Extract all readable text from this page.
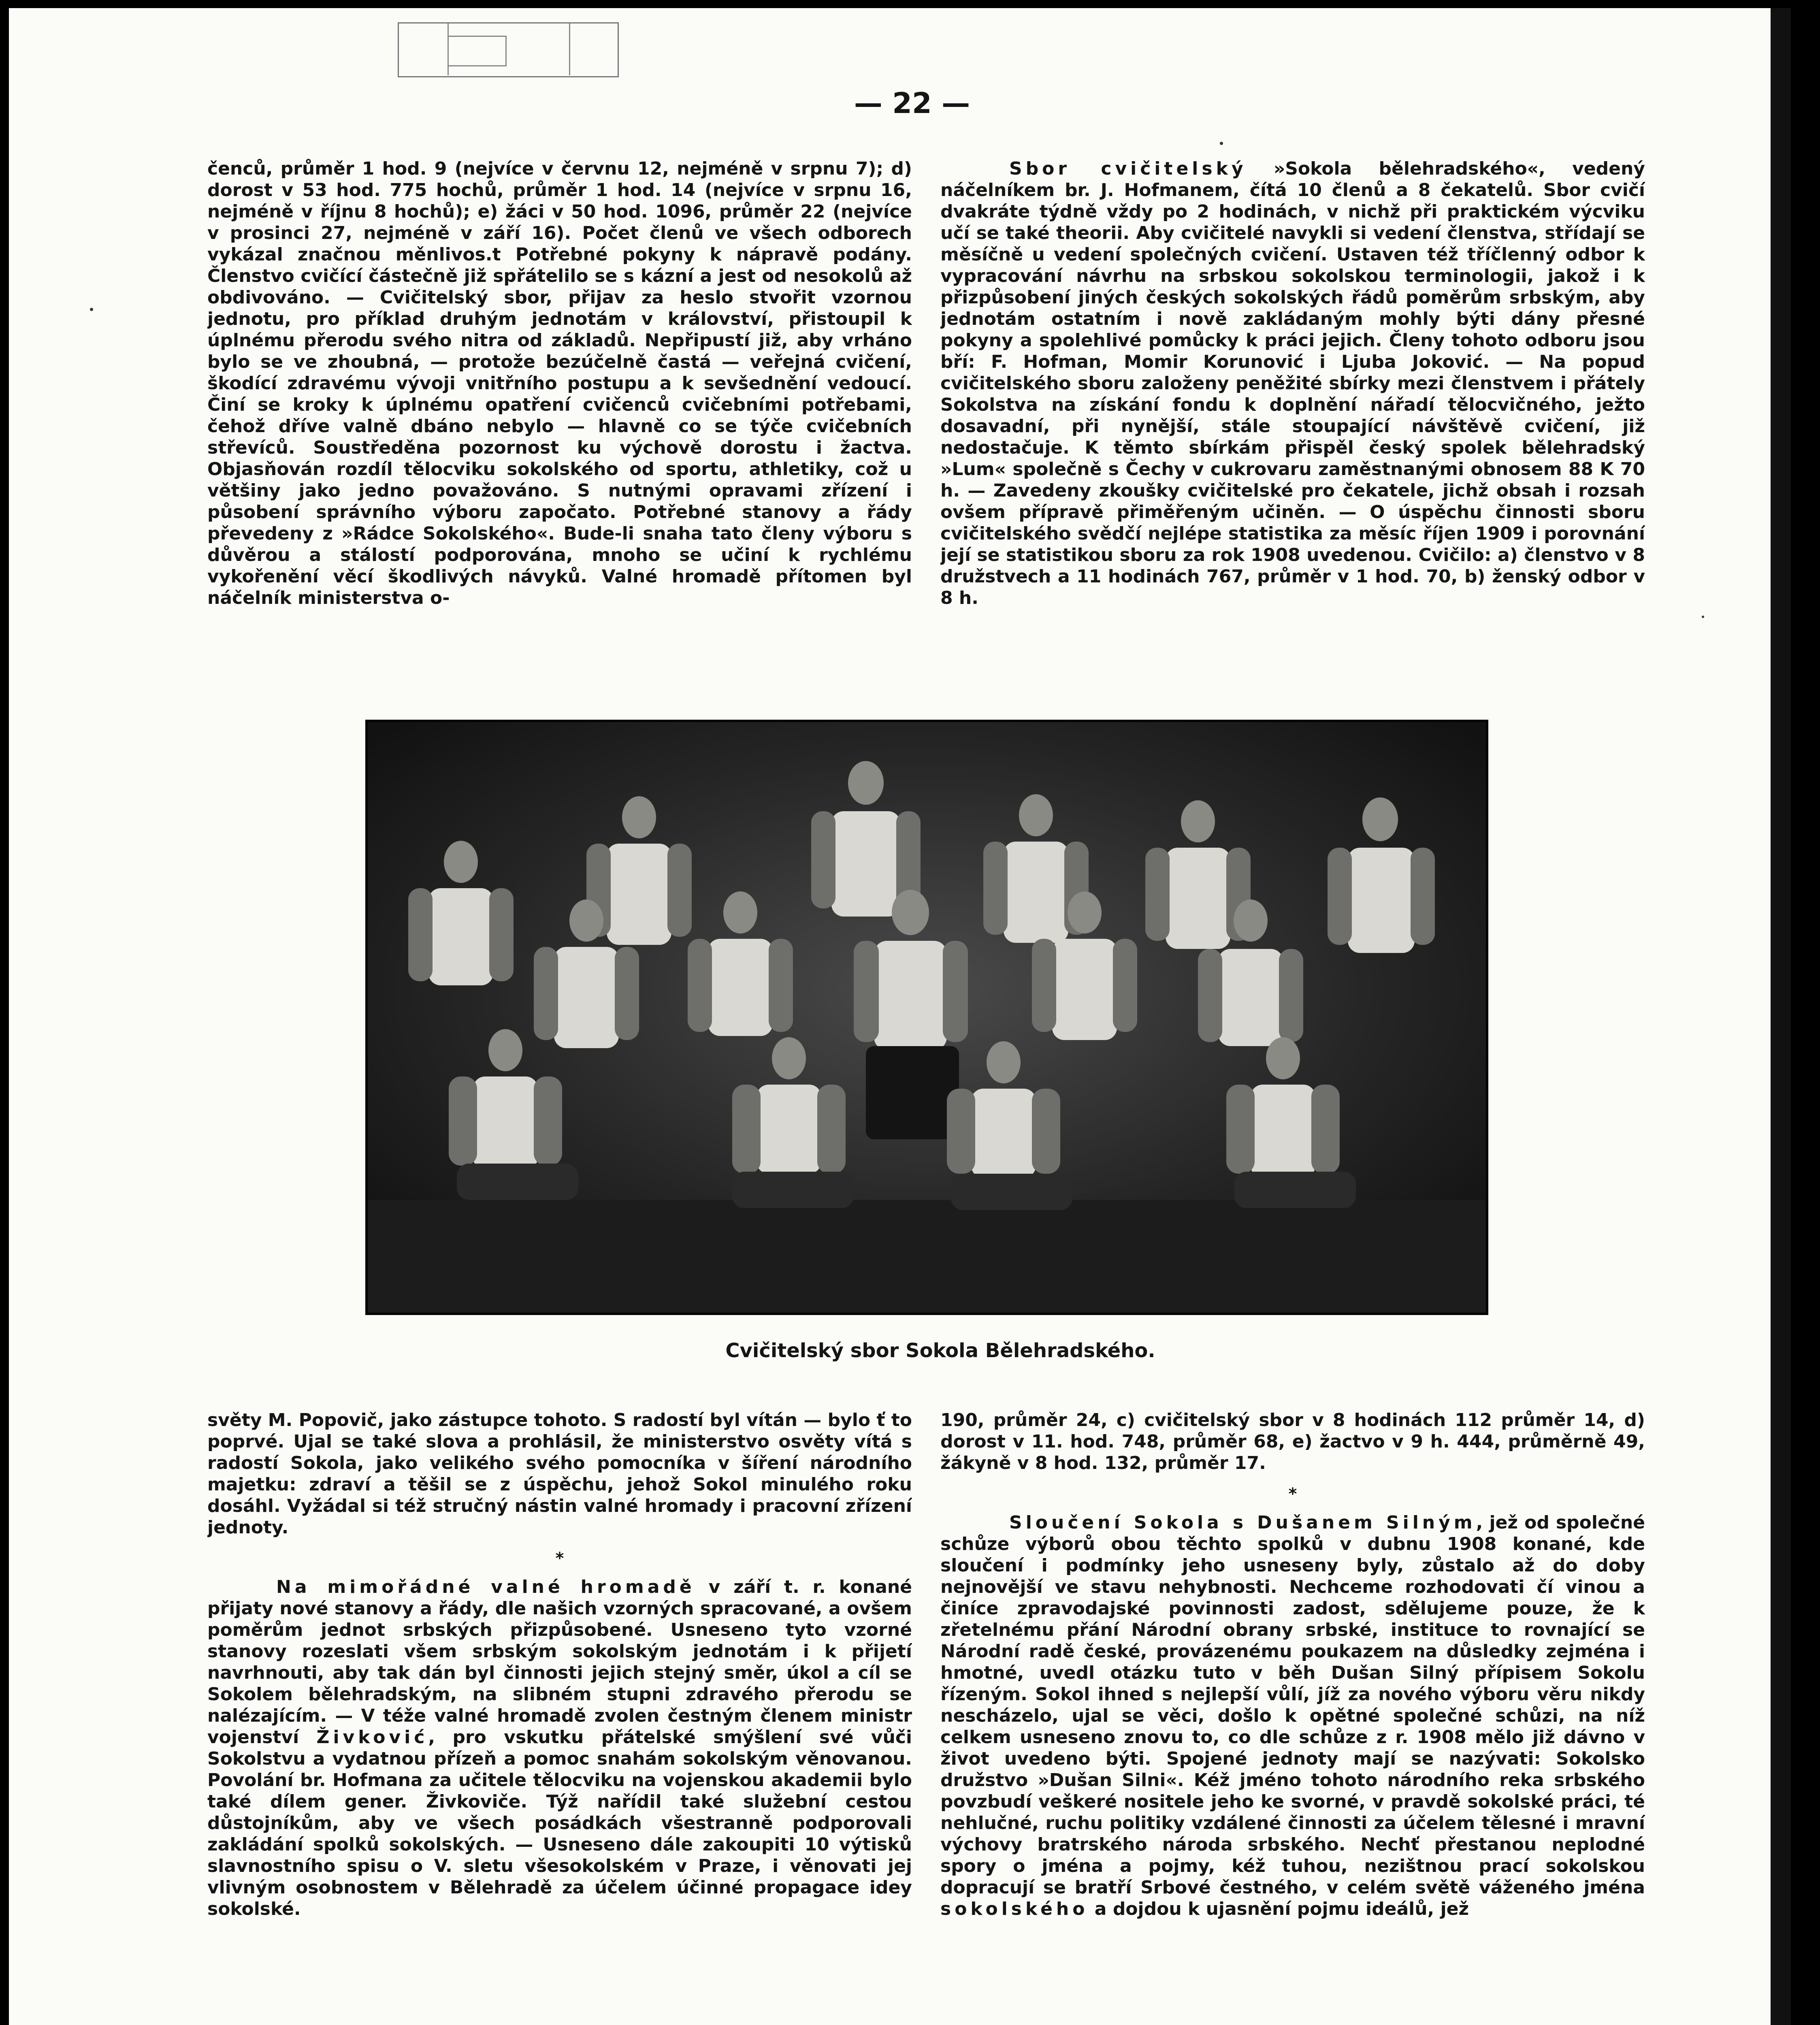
— 22 —

čenců, průměr 1 hod. 9 (nejvíce v červnu 12, nejméně v srpnu 7); d) dorost v 53 hod. 775 hochů, průměr 1 hod. 14 (nejvíce v srpnu 16, nejméně v říjnu 8 hochů); e) žáci v 50 hod. 1096, průměr 22 (nejvíce v prosinci 27, nejméně v září 16). Počet členů ve všech odborech vykázal značnou měnlivos.t Potřebné pokyny k nápravě podány. Členstvo cvičící částečně již spřátelilo se s kázní a jest od nesokolů až obdivováno. — Cvičitelský sbor, přijav za heslo stvořit vzornou jednotu, pro příklad druhým jednotám v království, přistoupil k úplnému přerodu svého nitra od základů. Nepřipustí již, aby vrháno bylo se ve zhoubná, — protože bezúčelně častá — veřejná cvičení, škodící zdravému vývoji vnitřního postupu a k sevšednění vedoucí. Činí se kroky k úplnému opatření cvičenců cvičebními potřebami, čehož dříve valně dbáno nebylo — hlavně co se týče cvičebních střevíců. Soustředěna pozornost ku výchově dorostu i žactva. Objasňován rozdíl tělocviku sokolského od sportu, athletiky, což u většiny jako jedno považováno. S nutnými opravami zřízení i působení správního výboru započato. Potřebné stanovy a řády převedeny z »Rádce Sokolského«. Bude-li snaha tato členy výboru s důvěrou a stálostí podporována, mnoho se učiní k rychlému vykořenění věcí škodlivých návyků. Valné hromadě přítomen byl náčelník ministerstva o-

Sbor cvičitelský »Sokola bělehradského«, vedený náčelníkem br. J. Hofmanem, čítá 10 členů a 8 čekatelů. Sbor cvičí dvakráte týdně vždy po 2 hodinách, v nichž při praktickém výcviku učí se také theorii. Aby cvičitelé navykli si vedení členstva, střídají se měsíčně u vedení společných cvičení. Ustaven též tříčlenný odbor k vypracování návrhu na srbskou sokolskou terminologii, jakož i k přizpůsobení jiných českých sokolských řádů poměrům srbským, aby jednotám ostatním i nově zakládaným mohly býti dány přesné pokyny a spolehlivé pomůcky k práci jejich. Členy tohoto odboru jsou bří: F. Hofman, Momir Korunović i Ljuba Joković. — Na popud cvičitelského sboru založeny peněžité sbírky mezi členstvem i přátely Sokolstva na získání fondu k doplnění nářadí tělocvičného, ježto dosavadní, při nynější, stále stoupající návštěvě cvičení, již nedostačuje. K těmto sbírkám přispěl český spolek bělehradský »Lum« společně s Čechy v cukrovaru zaměstnanými obnosem 88 K 70 h. — Zavedeny zkoušky cvičitelské pro čekatele, jichž obsah i rozsah ovšem přípravě přiměřeným učiněn. — O úspěchu činnosti sboru cvičitelského svědčí nejlépe statistika za měsíc říjen 1909 i porovnání její se statistikou sboru za rok 1908 uvedenou. Cvičilo: a) členstvo v 8 družstvech a 11 hodinách 767, průměr v 1 hod. 70, b) ženský odbor v 8 h.

Cvičitelský sbor Sokola Bělehradského.

světy M. Popovič, jako zástupce tohoto. S radostí byl vítán — bylo ť to poprvé. Ujal se také slova a prohlásil, že ministerstvo osvěty vítá s radostí Sokola, jako velikého svého pomocníka v šíření národního majetku: zdraví a těšil se z úspěchu, jehož Sokol minulého roku dosáhl. Vyžádal si též stručný nástin valné hromady i pracovní zřízení jednoty.

*

Na mimořádné valné hromadě v září t. r. konané přijaty nové stanovy a řády, dle našich vzorných spracované, a ovšem poměrům jednot srbských přizpůsobené. Usneseno tyto vzorné stanovy rozeslati všem srbským sokolským jednotám i k přijetí navrhnouti, aby tak dán byl činnosti jejich stejný směr, úkol a cíl se Sokolem bělehradským, na slibném stupni zdravého přerodu se nalézajícím. — V téže valné hromadě zvolen čestným členem ministr vojenství Živković, pro vskutku přátelské smýšlení své vůči Sokolstvu a vydatnou přízeň a pomoc snahám sokolským věnovanou. Povolání br. Hofmana za učitele tělocviku na vojenskou akademii bylo také dílem gener. Živkoviče. Týž nařídil také služební cestou důstojníkům, aby ve všech posádkách všestranně podporovali zakládání spolků sokolských. — Usneseno dále zakoupiti 10 výtisků slavnostního spisu o V. sletu všesokolském v Praze, i věnovati jej vlivným osobnostem v Bělehradě za účelem účinné propagace idey sokolské.

190, průměr 24, c) cvičitelský sbor v 8 hodinách 112 průměr 14, d) dorost v 11. hod. 748, průměr 68, e) žactvo v 9 h. 444, průměrně 49, žákyně v 8 hod. 132, průměr 17.

*

Sloučení Sokola s Dušanem Silným, jež od společné schůze výborů obou těchto spolků v dubnu 1908 konané, kde sloučení i podmínky jeho usneseny byly, zůstalo až do doby nejnovější ve stavu nehybnosti. Nechceme rozhodovati čí vinou a činíce zpravodajské povinnosti zadost, sdělujeme pouze, že k zřetelnému přání Národní obrany srbské, instituce to rovnající se Národní radě české, provázenému poukazem na důsledky zejména i hmotné, uvedl otázku tuto v běh Dušan Silný přípisem Sokolu řízeným. Sokol ihned s nejlepší vůlí, jíž za nového výboru věru nikdy nescházelo, ujal se věci, došlo k opětné společné schůzi, na níž celkem usneseno znovu to, co dle schůze z r. 1908 mělo již dávno v život uvedeno býti. Spojené jednoty mají se nazývati: Sokolsko družstvo »Dušan Silni«. Kéž jméno tohoto národního reka srbského povzbudí veškeré nositele jeho ke svorné, v pravdě sokolské práci, té nehlučné, ruchu politiky vzdálené činnosti za účelem tělesné i mravní výchovy bratrského národa srbského. Nechť přestanou neplodné spory o jména a pojmy, kéž tuhou, nezištnou prací sokolskou dopracují se bratří Srbové čestného, v celém světě váženého jména sokolského a dojdou k ujasnění pojmu ideálů, jež
